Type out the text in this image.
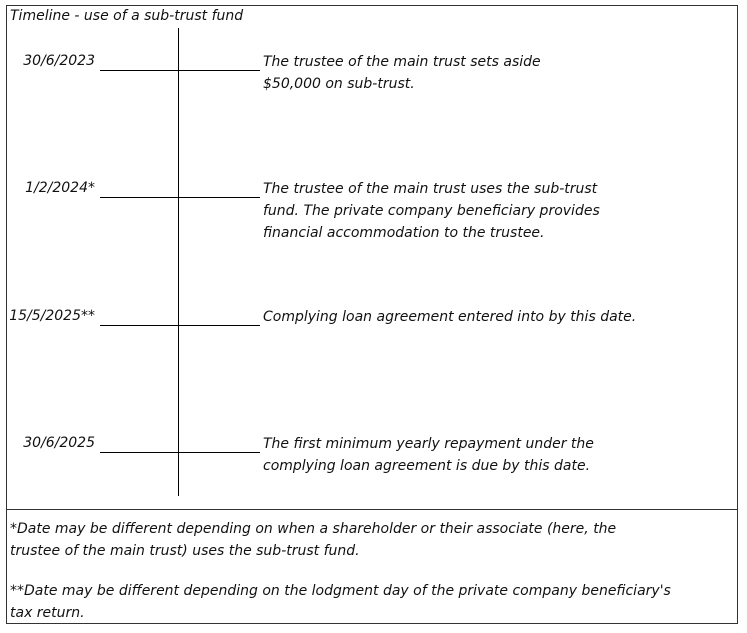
Timeline - use of a sub-trust fund
30/6/2023	The trustee of the main trust sets aside
$50,000 on sub-trust.
1/2/2024*	The trustee of the main trust uses the sub-trust
fund. The private company beneficiary provides
financial accommodation to the trustee.
15/5/2025**	Complying loan agreement entered into by this date.
30/6/2025	The first minimum yearly repayment under the
complying loan agreement is due by this date.
*Date may be different depending on when a shareholder or their associate (here, the
trustee of the main trust) uses the sub-trust fund.
**Date may be different depending on the lodgment day of the private company beneficiary's
tax return.
